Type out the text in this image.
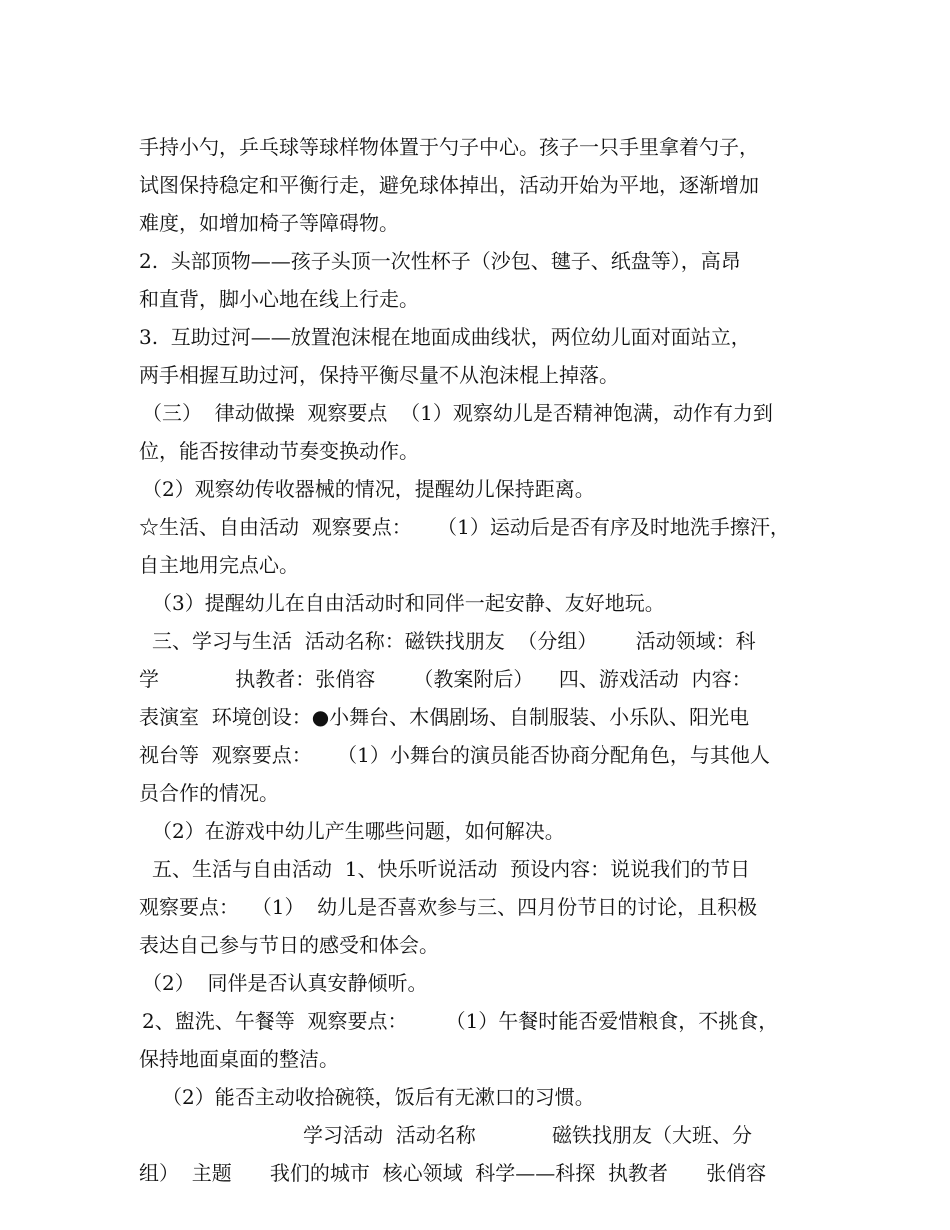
手持小勺，乒乓球等球样物体置于勺子中心。孩子一只手里拿着勺子，

试图保持稳定和平衡行走，避免球体掉出，活动开始为平地，逐渐增加

难度，如增加椅子等障碍物。

2.  头部顶物——孩子头顶一次性杯子（沙包、毽子、纸盘等），高昂

和直背，脚小心地在线上行走。

3.  互助过河——放置泡沫棍在地面成曲线状，两位幼儿面对面站立，

两手相握互助过河，保持平衡尽量不从泡沫棍上掉落。

（三）  律动做操  观察要点  （1）观察幼儿是否精神饱满，动作有力到

位，能否按律动节奏变换动作。

（2）观察幼传收器械的情况，提醒幼儿保持距离。

☆生活、自由活动  观察要点：    （1）运动后是否有序及时地洗手擦汗，

自主地用完点心。

（3）提醒幼儿在自由活动时和同伴一起安静、友好地玩。

三、学习与生活  活动名称：磁铁找朋友  （分组）      活动领域：科

学            执教者：张俏容      （教案附后）    四、游戏活动  内容：

表演室  环境创设：●小舞台、木偶剧场、自制服装、小乐队、阳光电

视台等  观察要点：    （1）小舞台的演员能否协商分配角色，与其他人

员合作的情况。

（2）在游戏中幼儿产生哪些问题，如何解决。

五、生活与自由活动  1、快乐听说活动  预设内容：说说我们的节日

观察要点：  （1）  幼儿是否喜欢参与三、四月份节日的讨论，且积极

表达自己参与节日的感受和体会。

（2）  同伴是否认真安静倾听。

2、盥洗、午餐等  观察要点：      （1）午餐时能否爱惜粮食，不挑食，

保持地面桌面的整洁。

（2）能否主动收拾碗筷，饭后有无漱口的习惯。

学习活动  活动名称            磁铁找朋友（大班、分

组）  主题      我们的城市  核心领域  科学——科探  执教者      张俏容
